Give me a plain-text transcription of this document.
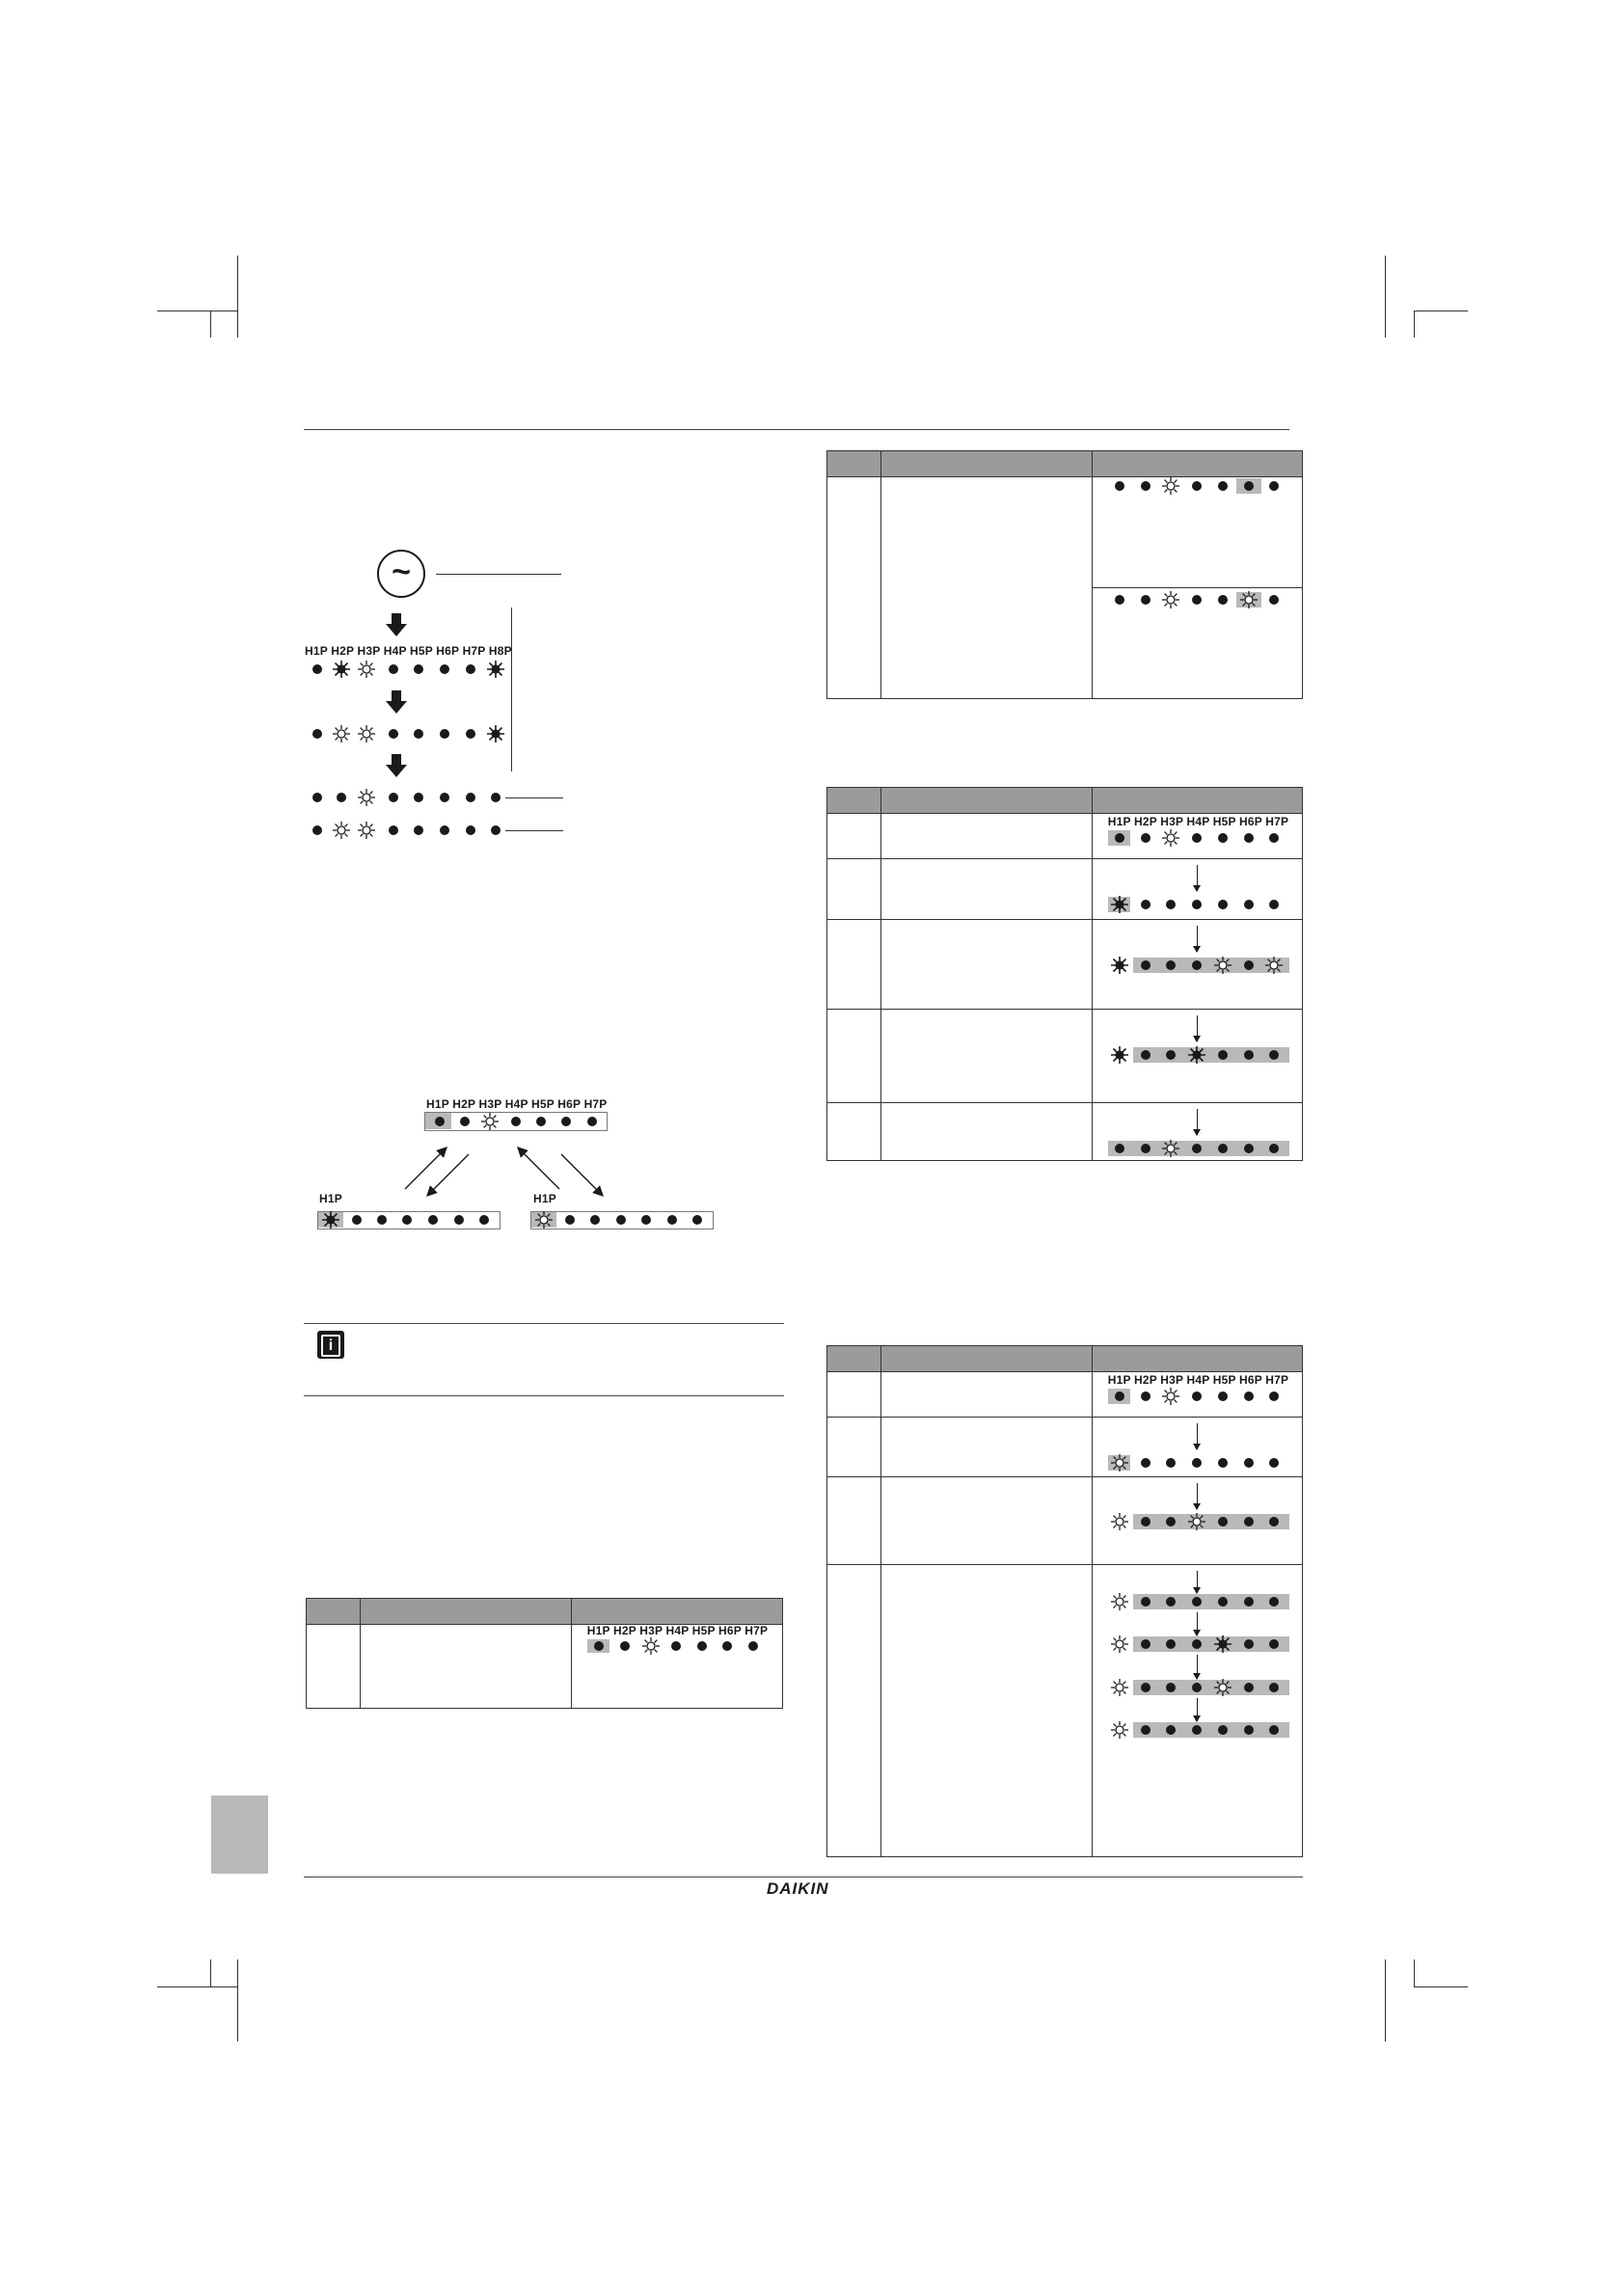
~
H1P H2P H3P H4P H5P H6P H7P H8P
H1P H2P H3P H4P H5P H6P H7P
H1P	H1P
i
H1P H2P H3P H4P H5P H6P H7P
H1P H2P H3P H4P H5P H6P H7P
H1P H2P H3P H4P H5P H6P H7P
DAIKIN
